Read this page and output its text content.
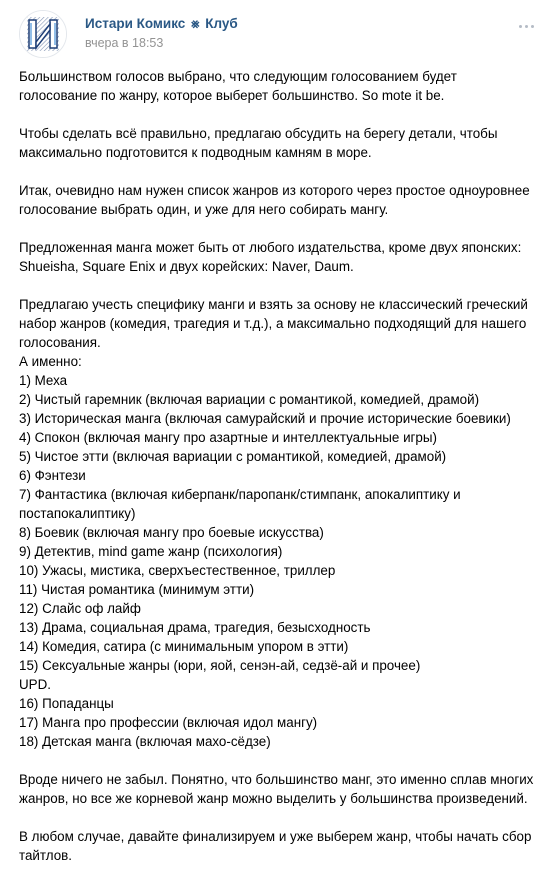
Истари Комикс ⨳ Клуб
вчера в 18:53
Большинством голосов выбрано, что следующим голосованием будет
голосование по жанру, которое выберет большинство. So mote it be.
Чтобы сделать всё правильно, предлагаю обсудить на берегу детали, чтобы
максимально подготовится к подводным камням в море.
Итак, очевидно нам нужен список жанров из которого через простое одноуровнее
голосование выбрать один, и уже для него собирать мангу.
Предложенная манга может быть от любого издательства, кроме двух японских:
Shueisha, Square Enix и двух корейских: Naver, Daum.
Предлагаю учесть специфику манги и взять за основу не классический греческий
набор жанров (комедия, трагедия и т.д.), а максимально подходящий для нашего
голосования.
А именно:
1) Меха
2) Чистый гаремник (включая вариации с романтикой, комедией, драмой)
3) Историческая манга (включая самурайский и прочие исторические боевики)
4) Спокон (включая мангу про азартные и интеллектуальные игры)
5) Чистое этти (включая вариации с романтикой, комедией, драмой)
6) Фэнтези
7) Фантастика (включая киберпанк/паропанк/стимпанк, апокалиптику и
постапокалиптику)
8) Боевик (включая мангу про боевые искусства)
9) Детектив, mind game жанр (психология)
10) Ужасы, мистика, сверхъестественное, триллер
11) Чистая романтика (минимум этти)
12) Слайс оф лайф
13) Драма, социальная драма, трагедия, безысходность
14) Комедия, сатира (с минимальным упором в этти)
15) Сексуальные жанры (юри, яой, сенэн-ай, седзё-ай и прочее)
UPD.
16) Попаданцы
17) Манга про профессии (включая идол мангу)
18) Детская манга (включая махо-сёдзе)
Вроде ничего не забыл. Понятно, что большинство манг, это именно сплав многих
жанров, но все же корневой жанр можно выделить у большинства произведений.
В любом случае, давайте финализируем и уже выберем жанр, чтобы начать сбор
тайтлов.
